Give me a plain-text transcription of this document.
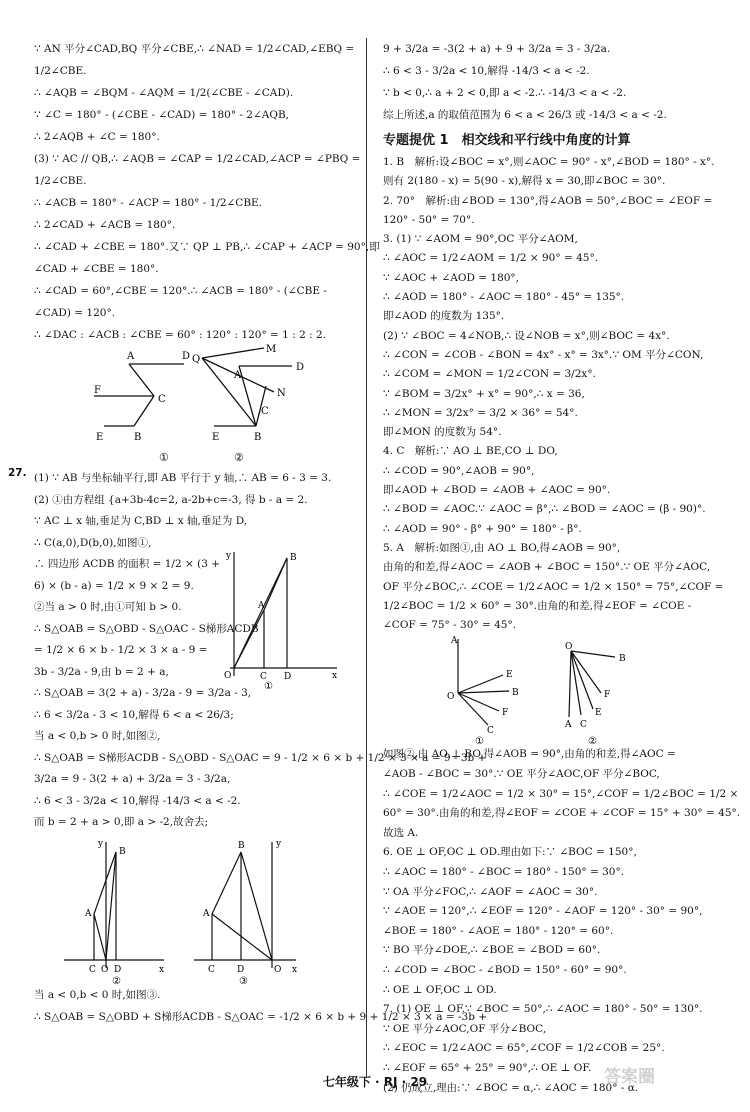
∵ AN 平分∠CAD,BQ 平分∠CBE,∴ ∠NAD = 1/2∠CAD,∠EBQ =
1/2∠CBE.
∴ ∠AQB = ∠BQM - ∠AQM = 1/2(∠CBE - ∠CAD).
∵ ∠C = 180° - (∠CBE - ∠CAD) = 180° - 2∠AQB,
∴ 2∠AQB + ∠C = 180°.
(3) ∵ AC // QB,∴ ∠AQB = ∠CAP = 1/2∠CAD,∠ACP = ∠PBQ =
1/2∠CBE.
∴ ∠ACB = 180° - ∠ACP = 180° - 1/2∠CBE.
∴ 2∠CAD + ∠ACB = 180°.
∴ ∠CAD + ∠CBE = 180°.又∵ QP ⊥ PB,∴ ∠CAP + ∠ACP = 90°,即
∠CAD + ∠CBE = 180°.
∴ ∠CAD = 60°,∠CBE = 120°.∴ ∠ACB = 180° - (∠CBE -
∠CAD) = 120°.
∴ ∠DAC : ∠ACB : ∠CBE = 60° : 120° : 120° = 1 : 2 : 2.
A	D
F
C
E	B
①
Q
M
A
D
N
C
E	B
②
27. (1) ∵ AB 与坐标轴平行,即 AB 平行于 y 轴,∴ AB = 6 - 3 = 3.
(2) ①由方程组 {a+3b-4c=2, a-2b+c=-3, 得 b - a = 2.
∵ AC ⊥ x 轴,垂足为 C,BD ⊥ x 轴,垂足为 D,
∴ C(a,0),D(b,0),如图①,
∴ 四边形 ACDB 的面积 = 1/2 × (3 +
6) × (b - a) = 1/2 × 9 × 2 = 9.
②当 a > 0 时,由①可知 b > 0.
∴ S△OAB = S△OBD - S△OAC - S梯形ACDB
= 1/2 × 6 × b - 1/2 × 3 × a - 9 =
3b - 3/2a - 9,由 b = 2 + a,
∴ S△OAB = 3(2 + a) - 3/2a - 9 = 3/2a - 3,
∴ 6 < 3/2a - 3 < 10,解得 6 < a < 26/3;
当 a < 0,b > 0 时,如图②,
∴ S△OAB = S梯形ACDB - S△OBD - S△OAC = 9 - 1/2 × 6 × b + 1/2 × 3 × a = 9 - 3b +
3/2a = 9 - 3(2 + a) + 3/2a = 3 - 3/2a,
∴ 6 < 3 - 3/2a < 10,解得 -14/3 < a < -2.
而 b = 2 + a > 0,即 a > -2,故舍去;
y	B
A
O	C D	x
①
y
B
A
C O D	x
②
y
B
A
C D	O x
③
当 a < 0,b < 0 时,如图③.
∴ S△OAB = S△OBD + S梯形ACDB - S△OAC = -1/2 × 6 × b + 9 + 1/2 × 3 × a = -3b +
9 + 3/2a = -3(2 + a) + 9 + 3/2a = 3 - 3/2a.
∴ 6 < 3 - 3/2a < 10,解得 -14/3 < a < -2.
∵ b < 0,∴ a + 2 < 0,即 a < -2.∴ -14/3 < a < -2.
综上所述,a 的取值范围为 6 < a < 26/3 或 -14/3 < a < -2.
专题提优 1　相交线和平行线中角度的计算
1. B　解析:设∠BOC = x°,则∠AOC = 90° - x°,∠BOD = 180° - x°.
则有 2(180 - x) = 5(90 - x),解得 x = 30,即∠BOC = 30°.
2. 70°　解析:由∠BOD = 130°,得∠AOB = 50°,∠BOC = ∠EOF =
120° - 50° = 70°.
3. (1) ∵ ∠AOM = 90°,OC 平分∠AOM,
∴ ∠AOC = 1/2∠AOM = 1/2 × 90° = 45°.
∵ ∠AOC + ∠AOD = 180°,
∴ ∠AOD = 180° - ∠AOC = 180° - 45° = 135°.
即∠AOD 的度数为 135°.
(2) ∵ ∠BOC = 4∠NOB,∴ 设∠NOB = x°,则∠BOC = 4x°.
∴ ∠CON = ∠COB - ∠BON = 4x° - x° = 3x°.∵ OM 平分∠CON,
∴ ∠COM = ∠MON = 1/2∠CON = 3/2x°.
∵ ∠BOM = 3/2x° + x° = 90°,∴ x = 36,
∴ ∠MON = 3/2x° = 3/2 × 36° = 54°.
即∠MON 的度数为 54°.
4. C　解析:∵ AO ⊥ BE,CO ⊥ DO,
∴ ∠COD = 90°,∠AOB = 90°,
即∠AOD + ∠BOD = ∠AOB + ∠AOC = 90°.
∴ ∠BOD = ∠AOC.∵ ∠AOC = β°,∴ ∠BOD = ∠AOC = (β - 90)°.
∴ ∠AOD = 90° - β° + 90° = 180° - β°.
5. A　解析:如图①,由 AO ⊥ BO,得∠AOB = 90°,
由角的和差,得∠AOC = ∠AOB + ∠BOC = 150°.∵ OE 平分∠AOC,
OF 平分∠BOC,∴ ∠COE = 1/2∠AOC = 1/2 × 150° = 75°,∠COF =
1/2∠BOC = 1/2 × 60° = 30°.由角的和差,得∠EOF = ∠COE -
∠COF = 75° - 30° = 45°.
A
E
B
O
F
C
①
O
B
F
E
C
A
②
如图②,由 AO ⊥ BO,得∠AOB = 90°,由角的和差,得∠AOC =
∠AOB - ∠BOC = 30°.∵ OE 平分∠AOC,OF 平分∠BOC,
∴ ∠COE = 1/2∠AOC = 1/2 × 30° = 15°,∠COF = 1/2∠BOC = 1/2 ×
60° = 30°.由角的和差,得∠EOF = ∠COE + ∠COF = 15° + 30° = 45°.
故选 A.
6. OE ⊥ OF,OC ⊥ OD.理由如下:∵ ∠BOC = 150°,
∴ ∠AOC = 180° - ∠BOC = 180° - 150° = 30°.
∵ OA 平分∠FOC,∴ ∠AOF = ∠AOC = 30°.
∵ ∠AOE = 120°,∴ ∠EOF = 120° - ∠AOF = 120° - 30° = 90°,
∠BOE = 180° - ∠AOE = 180° - 120° = 60°.
∵ BO 平分∠DOE,∴ ∠BOE = ∠BOD = 60°.
∴ ∠COD = ∠BOC - ∠BOD = 150° - 60° = 90°.
∴ OE ⊥ OF,OC ⊥ OD.
7. (1) OE ⊥ OF.∵ ∠BOC = 50°,∴ ∠AOC = 180° - 50° = 130°.
∵ OE 平分∠AOC,OF 平分∠BOC,
∴ ∠EOC = 1/2∠AOC = 65°,∠COF = 1/2∠COB = 25°.
∴ ∠EOF = 65° + 25° = 90°,∴ OE ⊥ OF.
(2) 仍成立,理由:∵ ∠BOC = α,∴ ∠AOC = 180° - α.
七年级下 · RJ · 29	答案圈
